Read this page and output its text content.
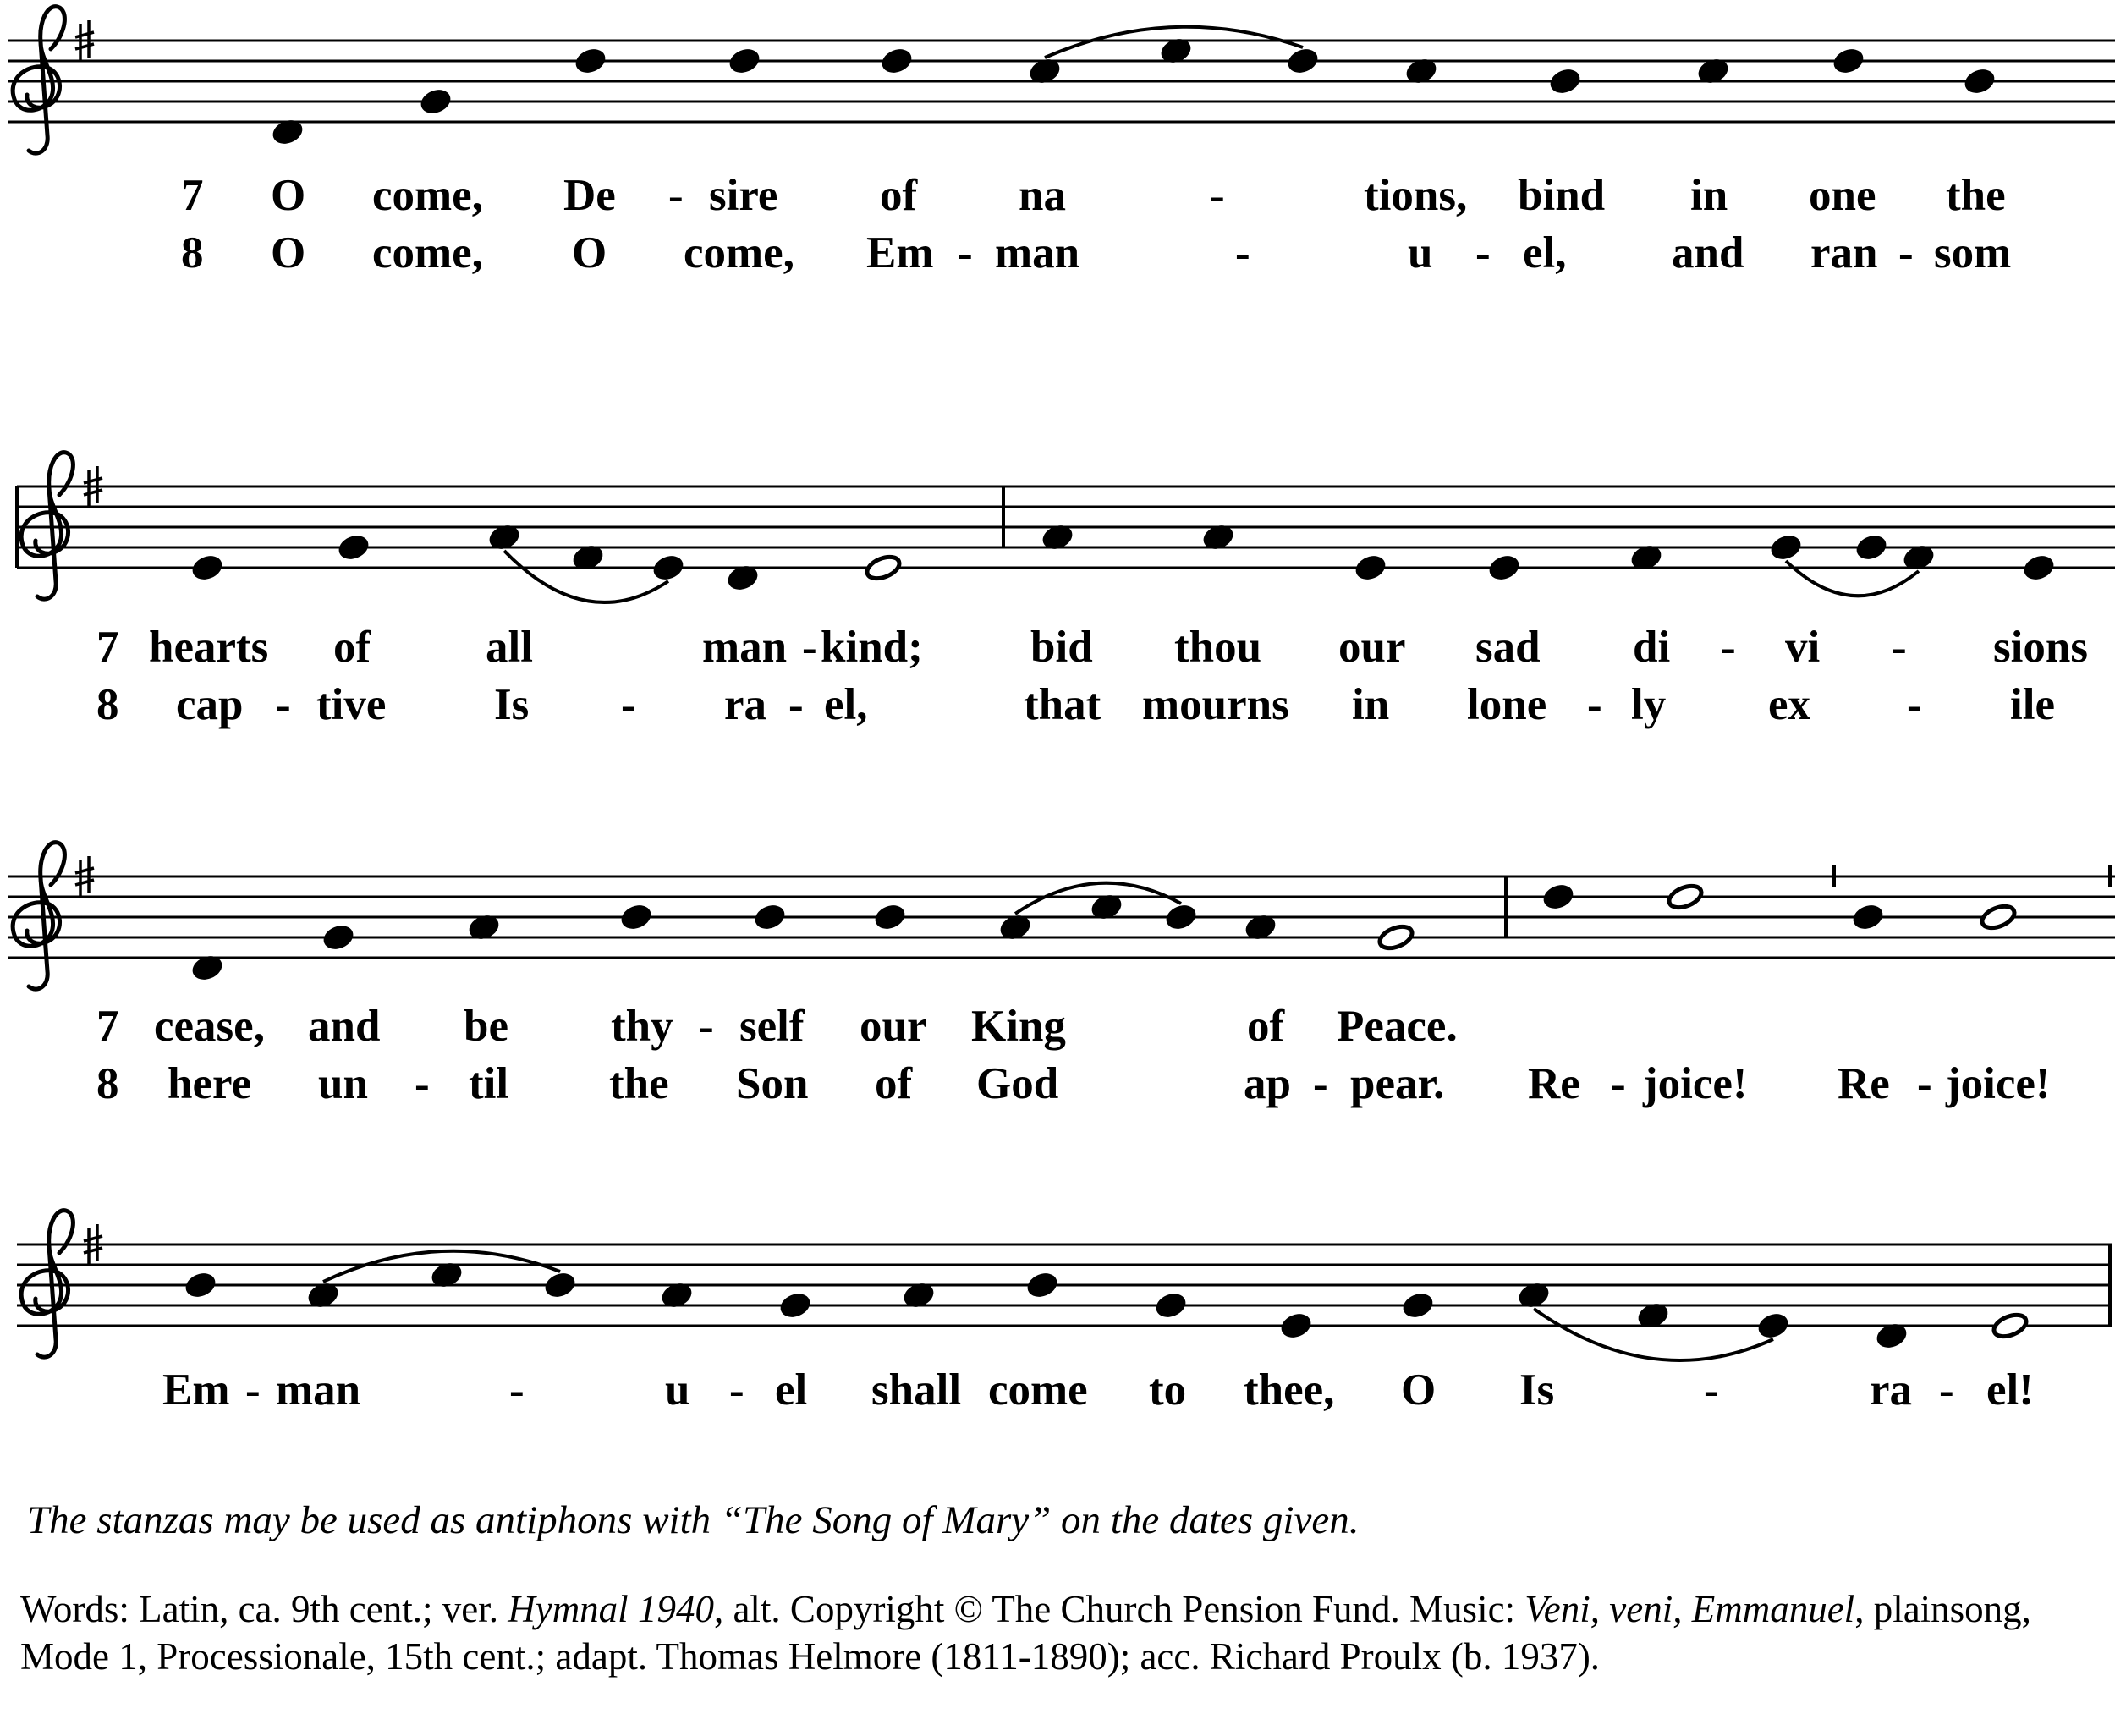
7 O come, De - sire of na	-	tions, bind in one the
8 O come, O come, Em - man	-	u - el, and ran - som
7 hearts of	all	man - kind; bid thou our sad di - vi - sions
8 cap - tive Is - ra - el,	that mourns in lone - ly ex - ile
7 cease, and be thy - self our King	of Peace.
8 here un - til the Son of God	ap - pear. Re - joice! Re - joice!
Em - man	-	u - el shall come to thee, O Is	-	ra - el!
The stanzas may be used as antiphons with “The Song of Mary” on the dates given.
Words: Latin, ca. 9th cent.; ver. Hymnal 1940, alt. Copyright © The Church Pension Fund. Music: Veni, veni, Emmanuel, plainsong, Mode 1, Processionale, 15th cent.; adapt. Thomas Helmore (1811-1890); acc. Richard Proulx (b. 1937).
